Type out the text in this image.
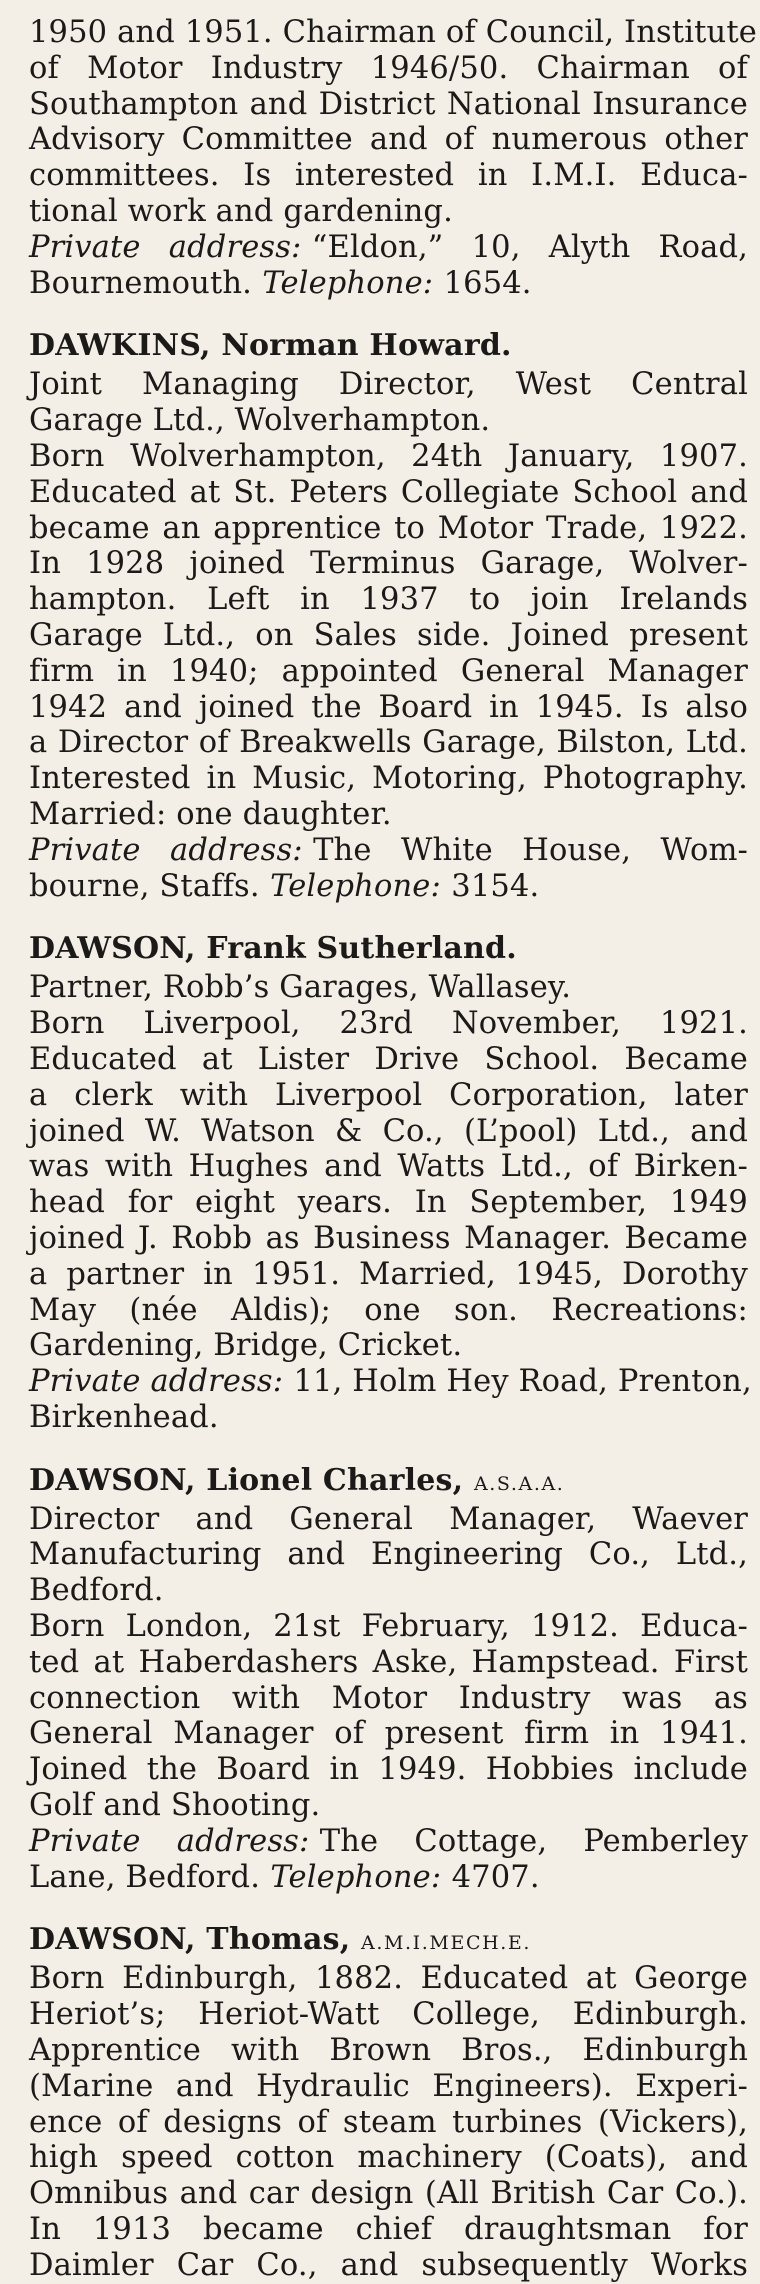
1950 and 1951. Chairman of Council, Institute
of Motor Industry 1946/50. Chairman of
Southampton and District National Insurance
Advisory Committee and of numerous other
committees. Is interested in I.M.I. Educa-
tional work and gardening.
Private address: “Eldon,” 10, Alyth Road,
Bournemouth. Telephone: 1654.
DAWKINS, Norman Howard.
Joint Managing Director, West Central
Garage Ltd., Wolverhampton.
Born Wolverhampton, 24th January, 1907.
Educated at St. Peters Collegiate School and
became an apprentice to Motor Trade, 1922.
In 1928 joined Terminus Garage, Wolver-
hampton. Left in 1937 to join Irelands
Garage Ltd., on Sales side. Joined present
firm in 1940; appointed General Manager
1942 and joined the Board in 1945. Is also
a Director of Breakwells Garage, Bilston, Ltd.
Interested in Music, Motoring, Photography.
Married: one daughter.
Private address: The White House, Wom-
bourne, Staffs. Telephone: 3154.
DAWSON, Frank Sutherland.
Partner, Robb’s Garages, Wallasey.
Born Liverpool, 23rd November, 1921.
Educated at Lister Drive School. Became
a clerk with Liverpool Corporation, later
joined W. Watson & Co., (L’pool) Ltd., and
was with Hughes and Watts Ltd., of Birken-
head for eight years. In September, 1949
joined J. Robb as Business Manager. Became
a partner in 1951. Married, 1945, Dorothy
May (née Aldis); one son. Recreations:
Gardening, Bridge, Cricket.
Private address: 11, Holm Hey Road, Prenton,
Birkenhead.
DAWSON, Lionel Charles, A.S.A.A.
Director and General Manager, Waever
Manufacturing and Engineering Co., Ltd.,
Bedford.
Born London, 21st February, 1912. Educa-
ted at Haberdashers Aske, Hampstead. First
connection with Motor Industry was as
General Manager of present firm in 1941.
Joined the Board in 1949. Hobbies include
Golf and Shooting.
Private address: The Cottage, Pemberley
Lane, Bedford. Telephone: 4707.
DAWSON, Thomas, A.M.I.MECH.E.
Born Edinburgh, 1882. Educated at George
Heriot’s; Heriot-Watt College, Edinburgh.
Apprentice with Brown Bros., Edinburgh
(Marine and Hydraulic Engineers). Experi-
ence of designs of steam turbines (Vickers),
high speed cotton machinery (Coats), and
Omnibus and car design (All British Car Co.).
In 1913 became chief draughtsman for
Daimler Car Co., and subsequently Works
